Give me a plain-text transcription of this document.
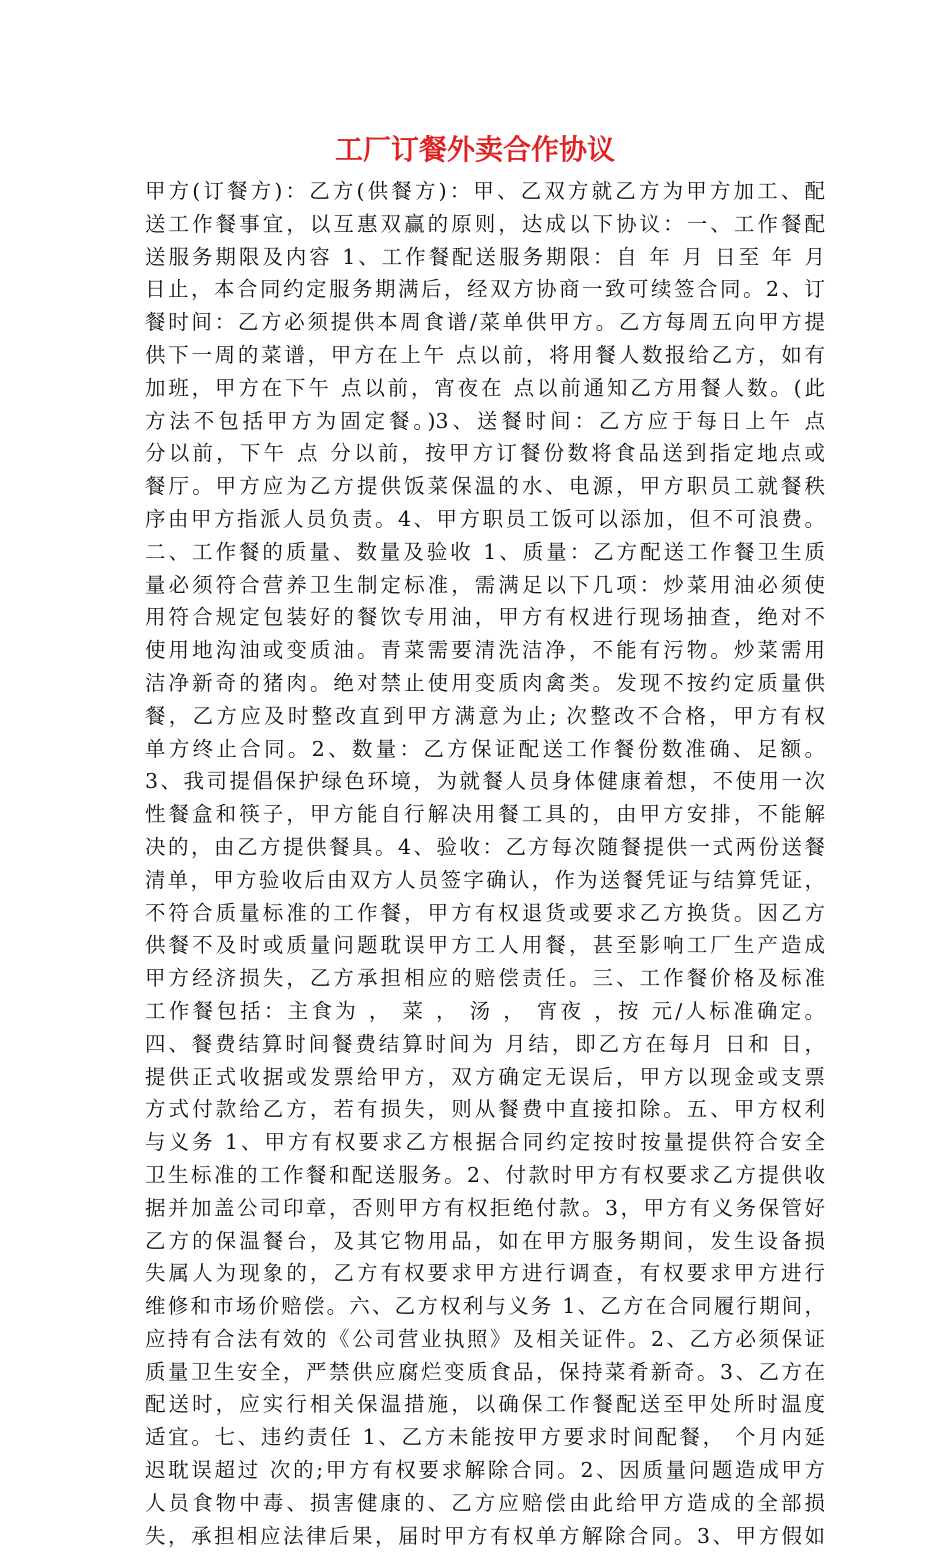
工厂订餐外卖合作协议
甲方(订餐方)：乙方(供餐方)：甲、乙双方就乙方为甲方加工、配
送工作餐事宜，以互惠双赢的原则，达成以下协议：一、工作餐配
送服务期限及内容 1、工作餐配送服务期限：自 年 月 日至 年 月
日止，本合同约定服务期满后，经双方协商一致可续签合同。2、订
餐时间：乙方必须提供本周食谱/菜单供甲方。乙方每周五向甲方提
供下一周的菜谱，甲方在上午 点以前，将用餐人数报给乙方，如有
加班，甲方在下午 点以前，宵夜在 点以前通知乙方用餐人数。(此
方法不包括甲方为固定餐。)3、送餐时间：乙方应于每日上午 点
分以前，下午 点 分以前，按甲方订餐份数将食品送到指定地点或
餐厅。甲方应为乙方提供饭菜保温的水、电源，甲方职员工就餐秩
序由甲方指派人员负责。4、甲方职员工饭可以添加，但不可浪费。
二、工作餐的质量、数量及验收 1、质量：乙方配送工作餐卫生质
量必须符合营养卫生制定标准，需满足以下几项：炒菜用油必须使
用符合规定包装好的餐饮专用油，甲方有权进行现场抽查，绝对不
使用地沟油或变质油。青菜需要清洗洁净，不能有污物。炒菜需用
洁净新奇的猪肉。绝对禁止使用变质肉禽类。发现不按约定质量供
餐，乙方应及时整改直到甲方满意为止; 次整改不合格，甲方有权
单方终止合同。2、数量：乙方保证配送工作餐份数准确、足额。
3、我司提倡保护绿色环境，为就餐人员身体健康着想，不使用一次
性餐盒和筷子，甲方能自行解决用餐工具的，由甲方安排，不能解
决的，由乙方提供餐具。4、验收：乙方每次随餐提供一式两份送餐
清单，甲方验收后由双方人员签字确认，作为送餐凭证与结算凭证，
不符合质量标准的工作餐，甲方有权退货或要求乙方换货。因乙方
供餐不及时或质量问题耽误甲方工人用餐，甚至影响工厂生产造成
甲方经济损失，乙方承担相应的赔偿责任。三、工作餐价格及标准
工作餐包括：主食为 ， 菜 ， 汤 ， 宵夜 ，按 元/人标准确定。
四、餐费结算时间餐费结算时间为 月结，即乙方在每月 日和 日，
提供正式收据或发票给甲方，双方确定无误后，甲方以现金或支票
方式付款给乙方，若有损失，则从餐费中直接扣除。五、甲方权利
与义务 1、甲方有权要求乙方根据合同约定按时按量提供符合安全
卫生标准的工作餐和配送服务。2、付款时甲方有权要求乙方提供收
据并加盖公司印章，否则甲方有权拒绝付款。3，甲方有义务保管好
乙方的保温餐台，及其它物用品，如在甲方服务期间，发生设备损
失属人为现象的，乙方有权要求甲方进行调查，有权要求甲方进行
维修和市场价赔偿。六、乙方权利与义务 1、乙方在合同履行期间，
应持有合法有效的《公司营业执照》及相关证件。2、乙方必须保证
质量卫生安全，严禁供应腐烂变质食品，保持菜肴新奇。3、乙方在
配送时，应实行相关保温措施，以确保工作餐配送至甲处所时温度
适宜。七、违约责任 1、乙方未能按甲方要求时间配餐， 个月内延
迟耽误超过 次的;甲方有权要求解除合同。2、因质量问题造成甲方
人员食物中毒、损害健康的、乙方应赔偿由此给甲方造成的全部损
失，承担相应法律后果，届时甲方有权单方解除合同。3、甲方假如
